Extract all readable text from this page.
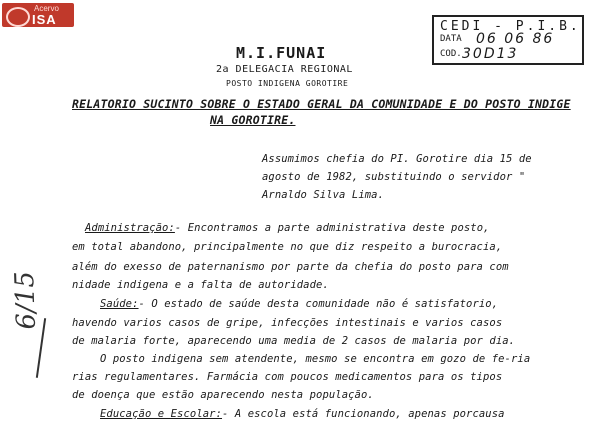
Acervo
ISA	CEDI - P.I.B.
DATA 06 06 86
COD. 30D13
M.I.FUNAI
2a DELEGACIA REGIONAL
POSTO INDIGENA GOROTIRE
RELATORIO SUCINTO SOBRE O ESTADO GERAL DA COMUNIDADE E DO POSTO INDIGE
NA GOROTIRE.
Assumimos chefia do PI. Gorotire dia 15 de
agosto de 1982, substituindo o servidor "
Arnaldo Silva Lima.
Administração:- Encontramos a parte administrativa deste posto,
em total abandono, principalmente no que diz respeito a burocracia,
além do exesso de paternanismo por parte da chefia do posto para com
nidade indigena e a falta de autoridade.
Saúde:- O estado de saúde desta comunidade não é satisfatorio,
havendo varios casos de gripe, infecções intestinais e varios casos
de malaria forte, aparecendo uma media de 2 casos de malaria por dia.
O posto indigena sem atendente, mesmo se encontra em gozo de fe-ria
rias regulamentares. Farmácia com poucos medicamentos para os tipos
de doença que estão aparecendo nesta população.
Educação e Escolar:- A escola está funcionando, apenas porcausa
6/15
